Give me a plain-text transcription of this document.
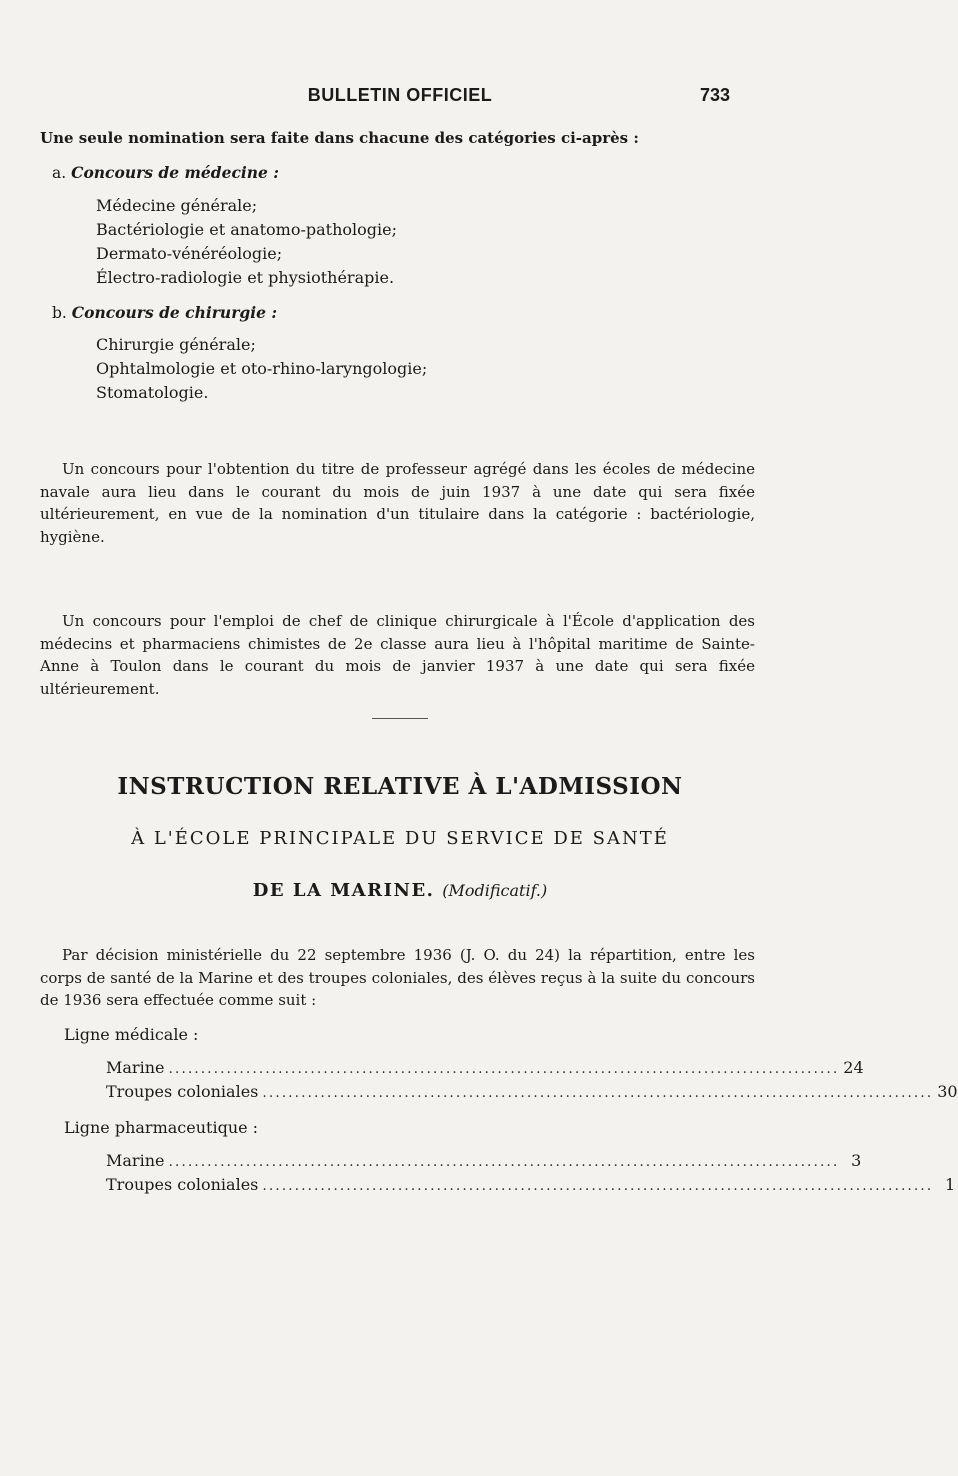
BULLETIN OFFICIEL	733
Une seule nomination sera faite dans chacune des catégories ci-après :
a. Concours de médecine :
Médecine générale;
Bactériologie et anatomo-pathologie;
Dermato-vénéréologie;
Électro-radiologie et physiothérapie.
b. Concours de chirurgie :
Chirurgie générale;
Ophtalmologie et oto-rhino-laryngologie;
Stomatologie.
Un concours pour l'obtention du titre de professeur agrégé dans les écoles de médecine navale aura lieu dans le courant du mois de juin 1937 à une date qui sera fixée ultérieurement, en vue de la nomination d'un titulaire dans la catégorie : bactériologie, hygiène.
Un concours pour l'emploi de chef de clinique chirurgicale à l'École d'application des médecins et pharmaciens chimistes de 2e classe aura lieu à l'hôpital maritime de Sainte-Anne à Toulon dans le courant du mois de janvier 1937 à une date qui sera fixée ultérieurement.
INSTRUCTION RELATIVE À L'ADMISSION
À L'ÉCOLE PRINCIPALE DU SERVICE DE SANTÉ
DE LA MARINE. (Modificatif.)
Par décision ministérielle du 22 septembre 1936 (J. O. du 24) la répartition, entre les corps de santé de la Marine et des troupes coloniales, des élèves reçus à la suite du concours de 1936 sera effectuée comme suit :
Ligne médicale :
Marine ........................................................................................................ 24
Troupes coloniales ........................................................................................................ 30
Ligne pharmaceutique :
Marine ........................................................................................................ 3
Troupes coloniales ........................................................................................................ 1
